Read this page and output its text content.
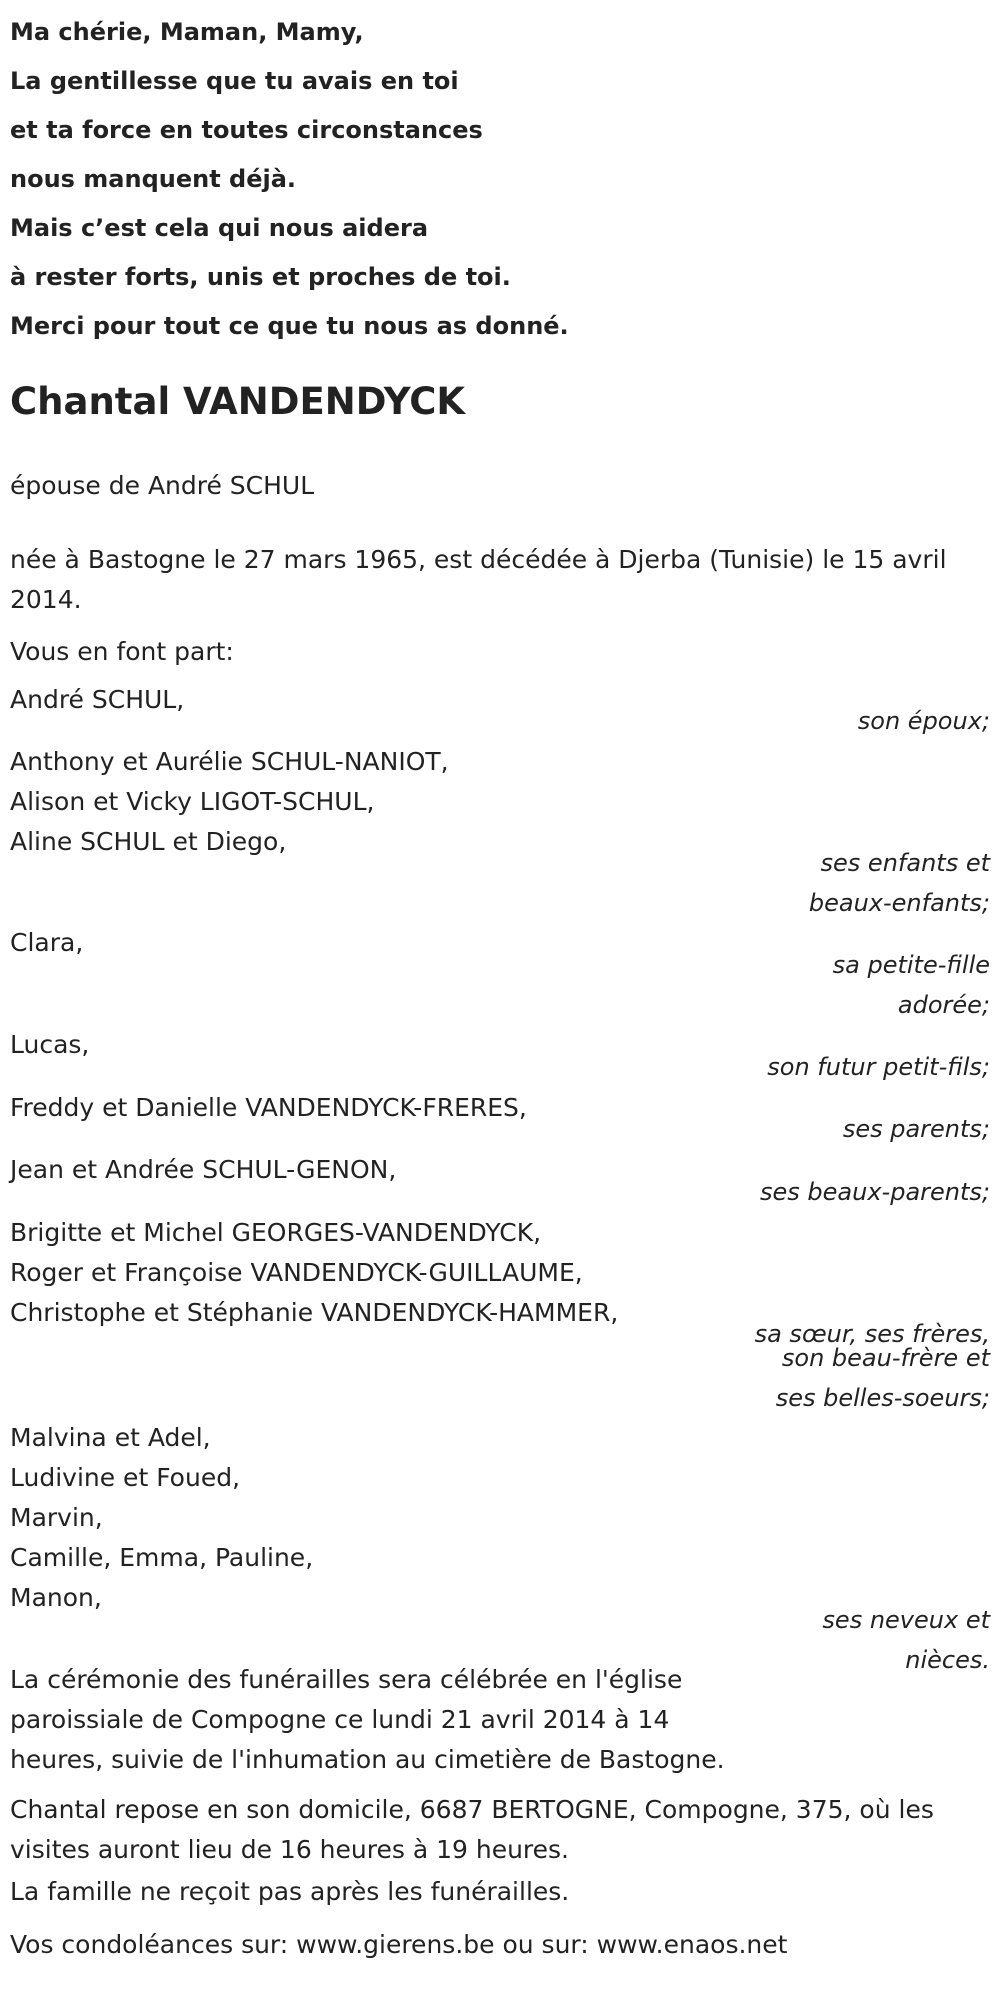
Ma chérie, Maman, Mamy,
La gentillesse que tu avais en toi
et ta force en toutes circonstances
nous manquent déjà.
Mais c’est cela qui nous aidera
à rester forts, unis et proches de toi.
Merci pour tout ce que tu nous as donné.
Chantal VANDENDYCK

épouse de André SCHUL

née à Bastogne le 27 mars 1965, est décédée à Djerba (Tunisie) le 15 avril 2014.

Vous en font part:

André SCHUL,

son époux;

Anthony et Aurélie SCHUL-NANIOT,

Alison et Vicky LIGOT-SCHUL,

Aline SCHUL et Diego,

ses enfants et

beaux-enfants;

Clara,

sa petite-fille

adorée;

Lucas,

son futur petit-fils;

Freddy et Danielle VANDENDYCK-FRERES,

ses parents;

Jean et Andrée SCHUL-GENON,

ses beaux-parents;

Brigitte et Michel GEORGES-VANDENDYCK,

Roger et Françoise VANDENDYCK-GUILLAUME,

Christophe et Stéphanie VANDENDYCK-HAMMER,

sa sœur, ses frères,

son beau-frère et

ses belles-soeurs;

Malvina et Adel,

Ludivine et Foued,

Marvin,

Camille, Emma, Pauline,

Manon,

ses neveux et

nièces.

La cérémonie des funérailles sera célébrée en l'église paroissiale de Compogne ce lundi 21 avril 2014 à 14 heures, suivie de l'inhumation au cimetière de Bastogne.

Chantal repose en son domicile, 6687 BERTOGNE, Compogne, 375, où les visites auront lieu de 16 heures à 19 heures.

La famille ne reçoit pas après les funérailles.

Vos condoléances sur: www.gierens.be ou sur: www.enaos.net
